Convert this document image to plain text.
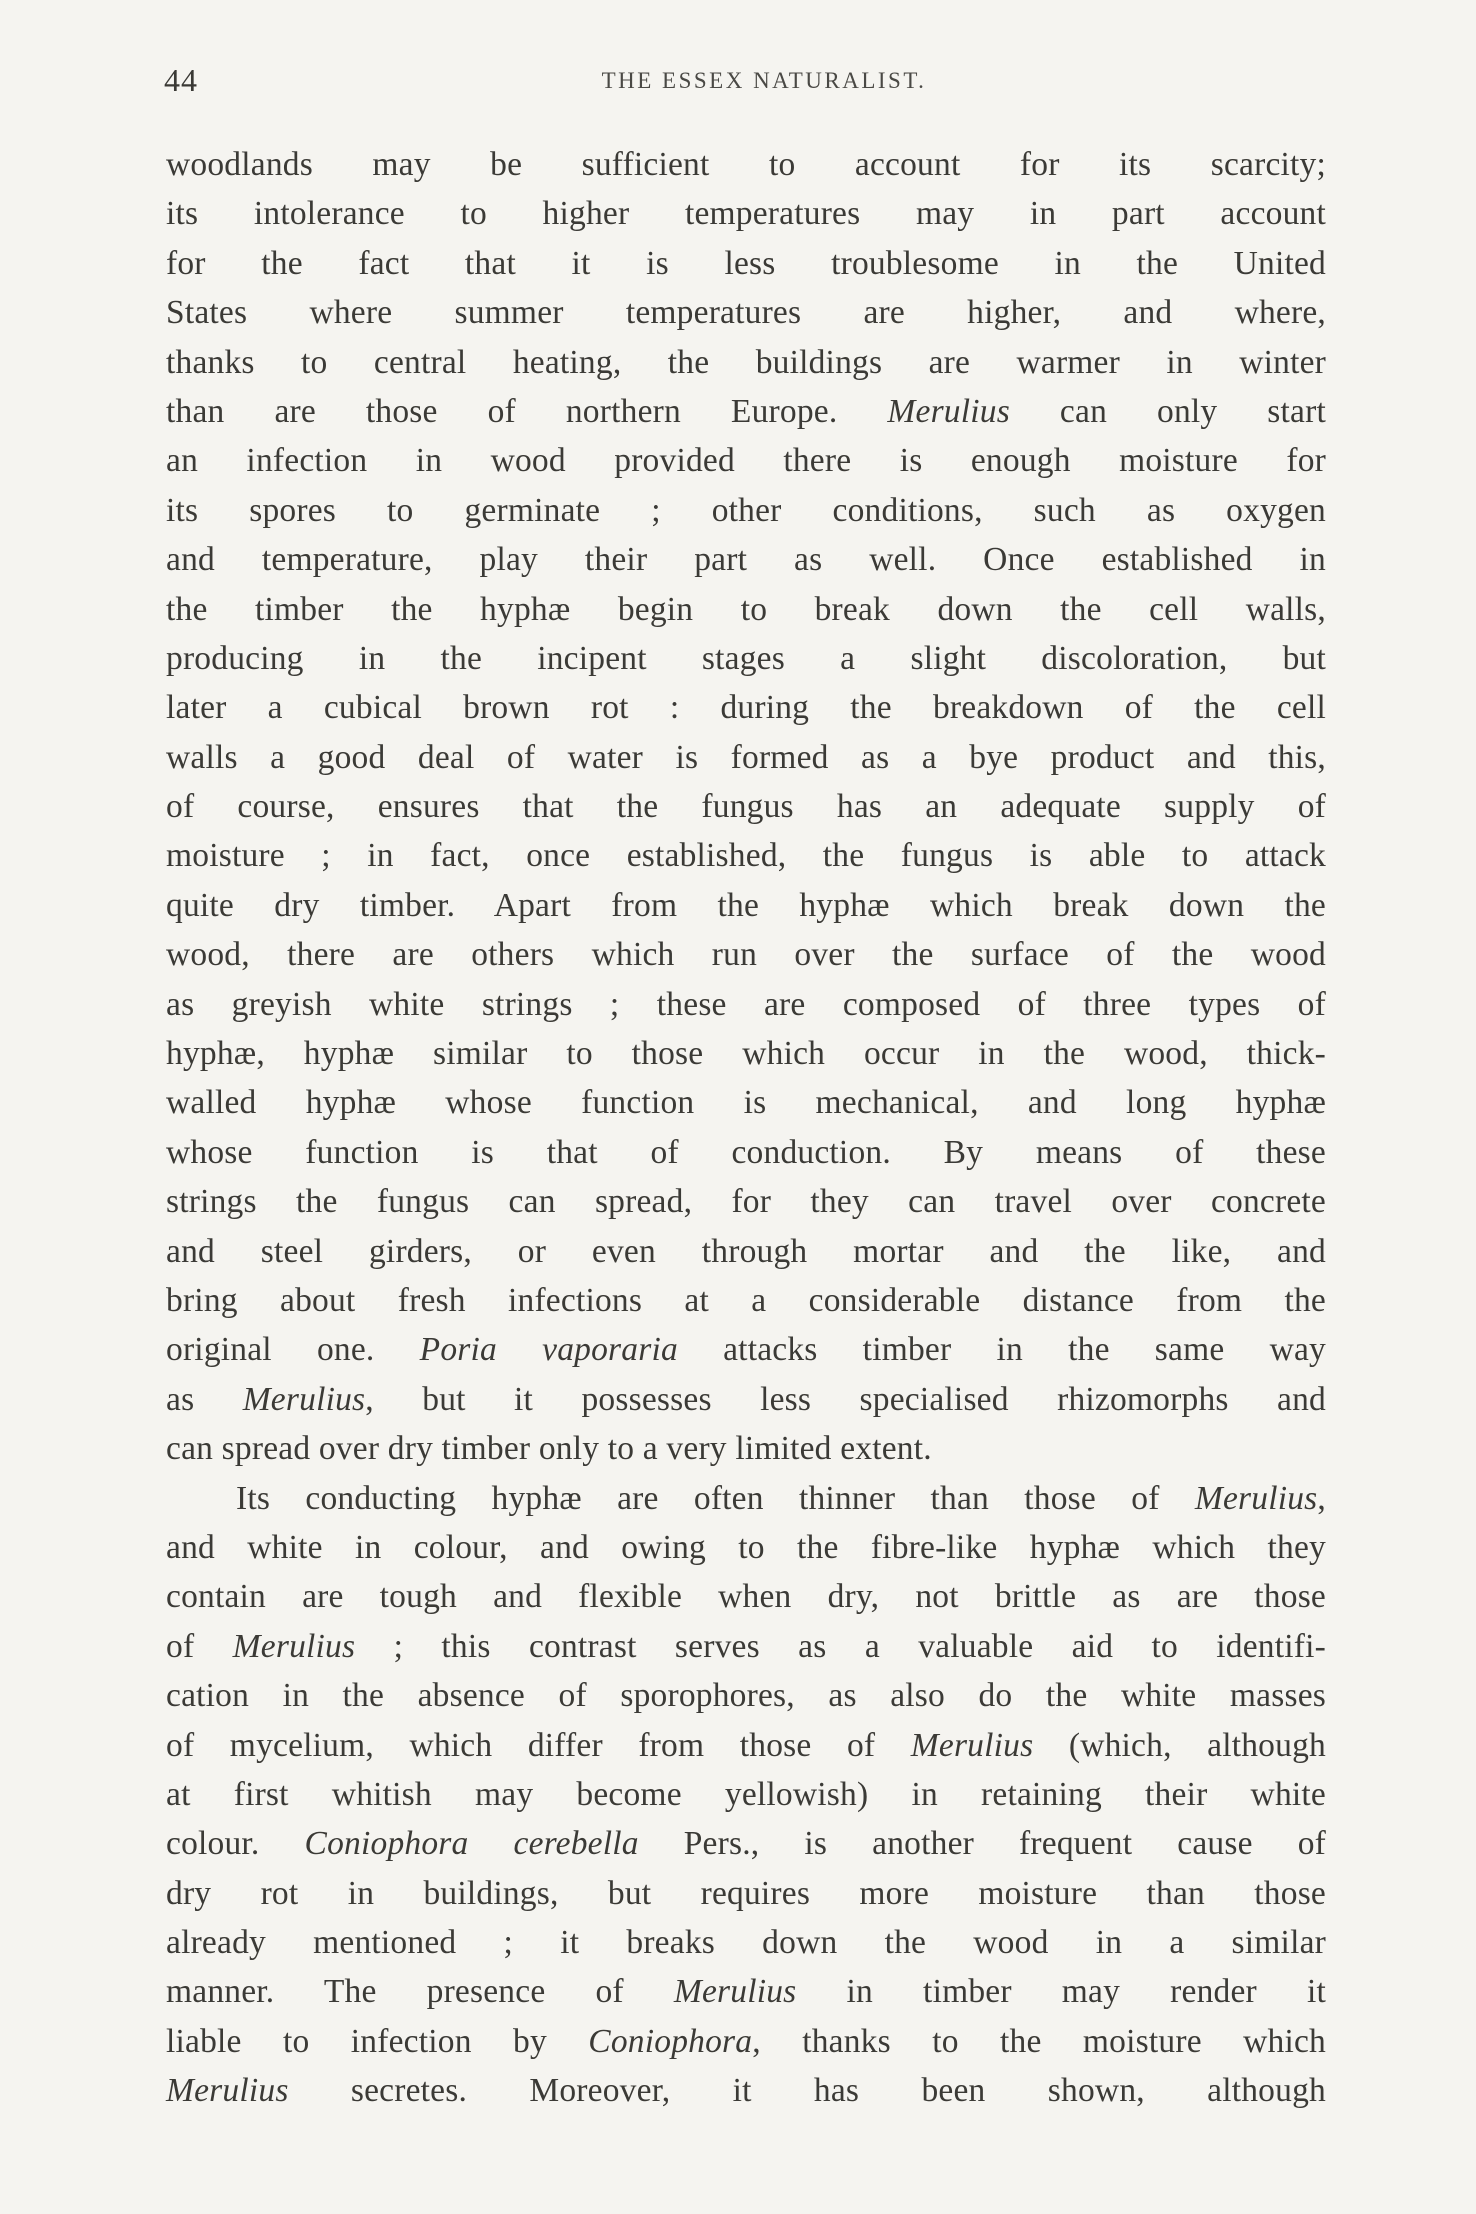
44	THE ESSEX NATURALIST.
woodlands may be sufficient to account for its scarcity;
its intolerance to higher temperatures may in part account
for the fact that it is less troublesome in the United
States where summer temperatures are higher, and where,
thanks to central heating, the buildings are warmer in winter
than are those of northern Europe. Merulius can only start
an infection in wood provided there is enough moisture for
its spores to germinate ; other conditions, such as oxygen
and temperature, play their part as well. Once established in
the timber the hyphæ begin to break down the cell walls,
producing in the incipent stages a slight discoloration, but
later a cubical brown rot : during the breakdown of the cell
walls a good deal of water is formed as a bye product and this,
of course, ensures that the fungus has an adequate supply of
moisture ; in fact, once established, the fungus is able to attack
quite dry timber. Apart from the hyphæ which break down the
wood, there are others which run over the surface of the wood
as greyish white strings ; these are composed of three types of
hyphæ, hyphæ similar to those which occur in the wood, thick-
walled hyphæ whose function is mechanical, and long hyphæ
whose function is that of conduction. By means of these
strings the fungus can spread, for they can travel over concrete
and steel girders, or even through mortar and the like, and
bring about fresh infections at a considerable distance from the
original one. Poria vaporaria attacks timber in the same way
as Merulius, but it possesses less specialised rhizomorphs and
can spread over dry timber only to a very limited extent.
Its conducting hyphæ are often thinner than those of Merulius,
and white in colour, and owing to the fibre-like hyphæ which they
contain are tough and flexible when dry, not brittle as are those
of Merulius ; this contrast serves as a valuable aid to identifi-
cation in the absence of sporophores, as also do the white masses
of mycelium, which differ from those of Merulius (which, although
at first whitish may become yellowish) in retaining their white
colour. Coniophora cerebella Pers., is another frequent cause of
dry rot in buildings, but requires more moisture than those
already mentioned ; it breaks down the wood in a similar
manner. The presence of Merulius in timber may render it
liable to infection by Coniophora, thanks to the moisture which
Merulius secretes. Moreover, it has been shown, although
